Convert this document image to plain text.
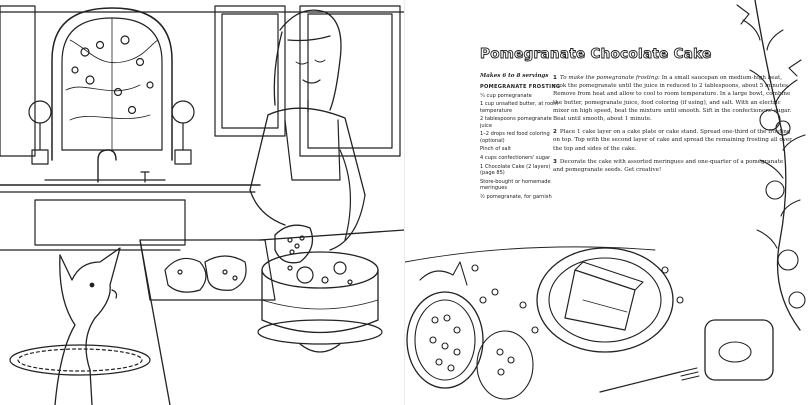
Pomegranate Chocolate Cake
Makes 6 to 8 servings
POMEGRANATE FROSTING
¼ cup pomegranate
1 cup unsalted butter, at room temperature
2 tablespoons pomegranate juice
1–2 drops red food coloring (optional)
Pinch of salt
4 cups confectioners' sugar
1 Chocolate Cake (2 layers) (page 85)
Store-bought or homemade meringues
½ pomegranate, for garnish

1 To make the pomegranate frosting: In a small saucepan on medium-high heat, cook the pomegranate until the juice in reduced to 2 tablespoons, about 5 minutes. Remove from heat and allow to cool to room temperature. In a large bowl, combine the butter, pomegranate juice, food coloring (if using), and salt. With an electric mixer on high speed, beat the mixture until smooth. Sift in the confectioners' sugar. Beat until smooth, about 1 minute.

2 Place 1 cake layer on a cake plate or cake stand. Spread one-third of the frosting on top. Top with the second layer of cake and spread the remaining frosting all over the top and sides of the cake.

3 Decorate the cake with assorted meringues and one-quarter of a pomegranate and pomegranate seeds. Get creative!
